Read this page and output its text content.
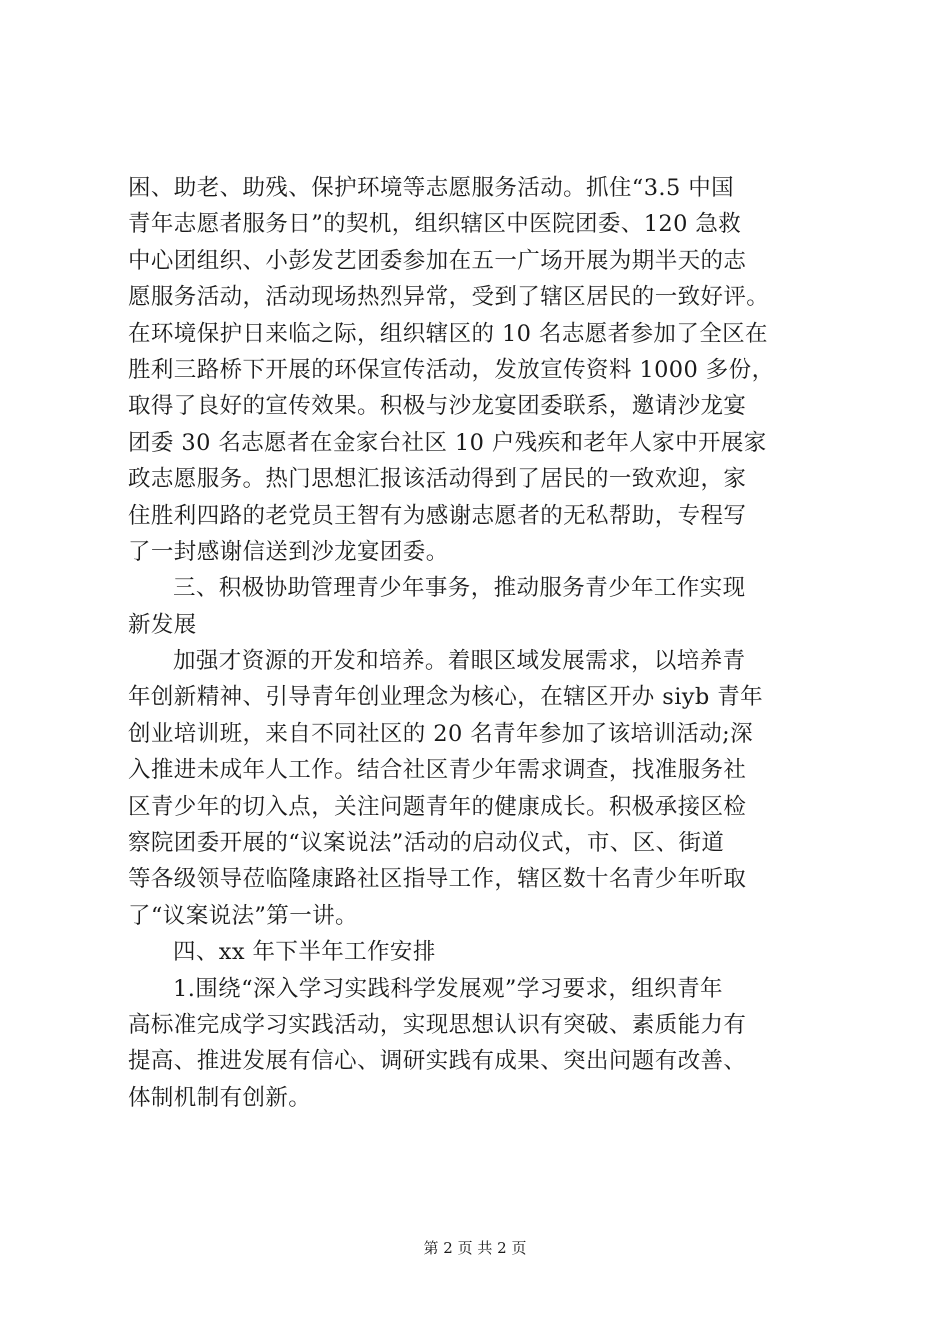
困、助老、助残、保护环境等志愿服务活动。抓住“3.5 中国
青年志愿者服务日”的契机，组织辖区中医院团委、120 急救
中心团组织、小彭发艺团委参加在五一广场开展为期半天的志
愿服务活动，活动现场热烈异常，受到了辖区居民的一致好评。
在环境保护日来临之际，组织辖区的 10 名志愿者参加了全区在
胜利三路桥下开展的环保宣传活动，发放宣传资料 1000 多份，
取得了良好的宣传效果。积极与沙龙宴团委联系，邀请沙龙宴
团委 30 名志愿者在金家台社区 10 户残疾和老年人家中开展家
政志愿服务。热门思想汇报该活动得到了居民的一致欢迎，家
住胜利四路的老党员王智有为感谢志愿者的无私帮助，专程写
了一封感谢信送到沙龙宴团委。
三、积极协助管理青少年事务，推动服务青少年工作实现
新发展
加强才资源的开发和培养。着眼区域发展需求，以培养青
年创新精神、引导青年创业理念为核心，在辖区开办 siyb 青年
创业培训班，来自不同社区的 20 名青年参加了该培训活动;深
入推进未成年人工作。结合社区青少年需求调查，找准服务社
区青少年的切入点，关注问题青年的健康成长。积极承接区检
察院团委开展的“议案说法”活动的启动仪式，市、区、街道
等各级领导莅临隆康路社区指导工作，辖区数十名青少年听取
了“议案说法”第一讲。
四、xx 年下半年工作安排
1.围绕“深入学习实践科学发展观”学习要求，组织青年
高标准完成学习实践活动，实现思想认识有突破、素质能力有
提高、推进发展有信心、调研实践有成果、突出问题有改善、
体制机制有创新。
第 2 页 共 2 页
